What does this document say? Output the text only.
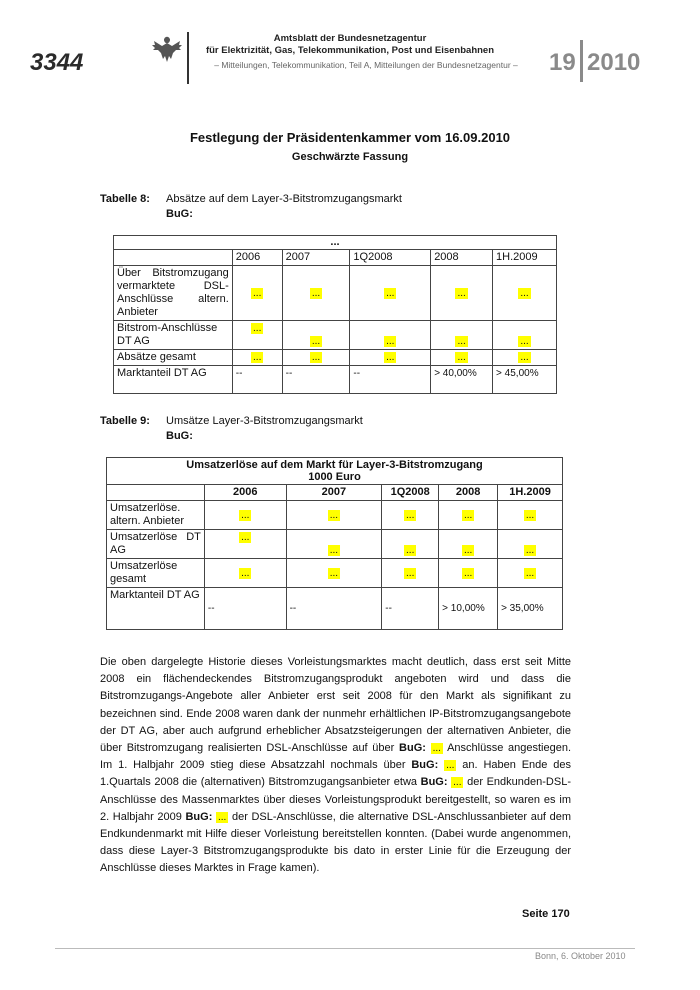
3344
Amtsblatt der Bundesnetzagentur
für Elektrizität, Gas, Telekommunikation, Post und Eisenbahnen
– Mitteilungen, Telekommunikation, Teil A, Mitteilungen der Bundesnetzagentur –	19 2010
Festlegung der Präsidentenkammer vom 16.09.2010
Geschwärzte Fassung
Tabelle 8: Absätze auf dem Layer-3-Bitstromzugangsmarkt
BuG:
...					
	2006	2007	1Q2008	2008	1H.2009
Über Bitstromzugang vermarktete DSL-Anschlüsse altern. Anbieter	...	...	...	...	...
Bitstrom-Anschlüsse DT AG	...	...	...	...	...
Absätze gesamt	...	...	...	...	...
Marktanteil DT AG	--	--	--	> 40,00%	> 45,00%
Tabelle 9: Umsätze Layer-3-Bitstromzugangsmarkt
BuG:
Umsatzerlöse auf dem Markt für Layer-3-Bitstromzugang
1000 Euro					

	2006	2007	1Q2008	2008	1H.2009
Umsatzerlöse. altern. Anbieter	...	...	...	...	...
Umsatzerlöse DT AG	...	...	...	...	...
Umsatzerlöse gesamt	...	...	...	...	...
Marktanteil DT AG	--	--	--	> 10,00%	> 35,00%
Die oben dargelegte Historie dieses Vorleistungsmarktes macht deutlich, dass erst seit Mitte 2008 ein flächendeckendes Bitstromzugangsprodukt angeboten wird und dass die Bitstromzugangs-Angebote aller Anbieter erst seit 2008 für den Markt als signifikant zu bezeichnen sind. Ende 2008 waren dank der nunmehr erhältlichen IP-Bitstromzugangsangebote der DT AG, aber auch aufgrund erheblicher Absatzsteigerungen der alternativen Anbieter, die über Bitstromzugang realisierten DSL-Anschlüsse auf über BuG: ... Anschlüsse angestiegen. Im 1. Halbjahr 2009 stieg diese Absatzzahl nochmals über BuG: ... an. Haben Ende des 1.Quartals 2008 die (alternativen) Bitstromzugangsanbieter etwa BuG: ... der Endkunden-DSL-Anschlüsse des Massenmarktes über dieses Vorleistungsprodukt bereitgestellt, so waren es im 2. Halbjahr 2009 BuG: ... der DSL-Anschlüsse, die alternative DSL-Anschlussanbieter auf dem Endkundenmarkt mit Hilfe dieser Vorleistung bereitstellen konnten. (Dabei wurde angenommen, dass diese Layer-3 Bitstromzugangsprodukte bis dato in erster Linie für die Erzeugung der Anschlüsse dieses Marktes in Frage kamen).
Seite 170
Bonn, 6. Oktober 2010
